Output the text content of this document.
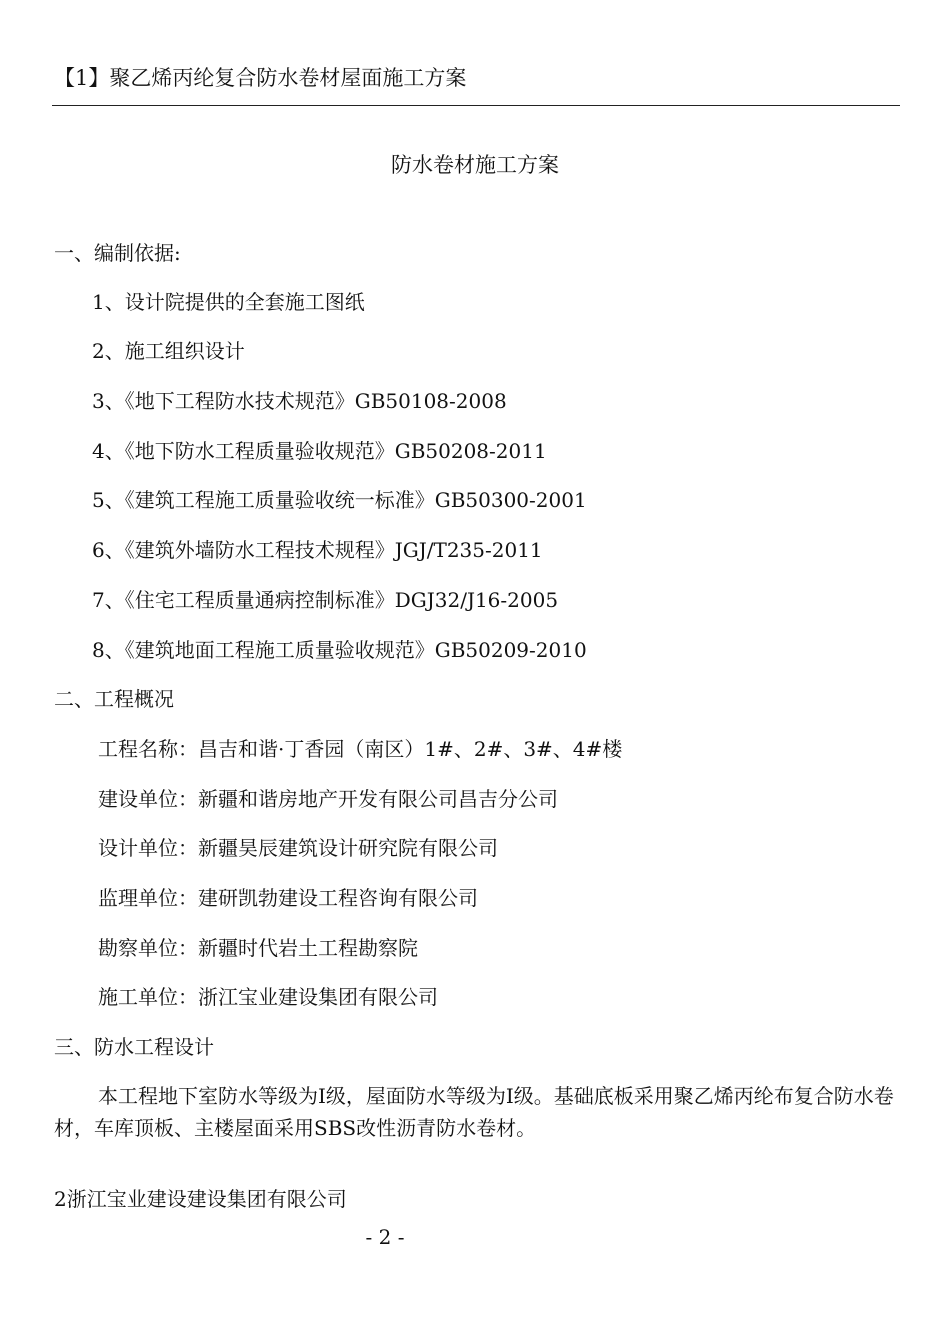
【1】聚乙烯丙纶复合防水卷材屋面施工方案
防水卷材施工方案
一、编制依据:
1、设计院提供的全套施工图纸
2、施工组织设计
3、《地下工程防水技术规范》GB50108-2008
4、《地下防水工程质量验收规范》GB50208-2011
5、《建筑工程施工质量验收统一标准》GB50300-2001
6、《建筑外墙防水工程技术规程》JGJ/T235-2011
7、《住宅工程质量通病控制标准》DGJ32/J16-2005
8、《建筑地面工程施工质量验收规范》GB50209-2010
二、工程概况
工程名称：昌吉和谐·丁香园（南区）1#、2#、3#、4#楼
建设单位：新疆和谐房地产开发有限公司昌吉分公司
设计单位：新疆昊辰建筑设计研究院有限公司
监理单位：建研凯勃建设工程咨询有限公司
勘察单位：新疆时代岩土工程勘察院
施工单位：浙江宝业建设集团有限公司
三、防水工程设计
本工程地下室防水等级为Ⅰ级，屋面防水等级为Ⅰ级。基础底板采用聚乙烯丙纶布复合防水卷材，车库顶板、主楼屋面采用SBS改性沥青防水卷材。
2浙江宝业建设建设集团有限公司
- 2 -
